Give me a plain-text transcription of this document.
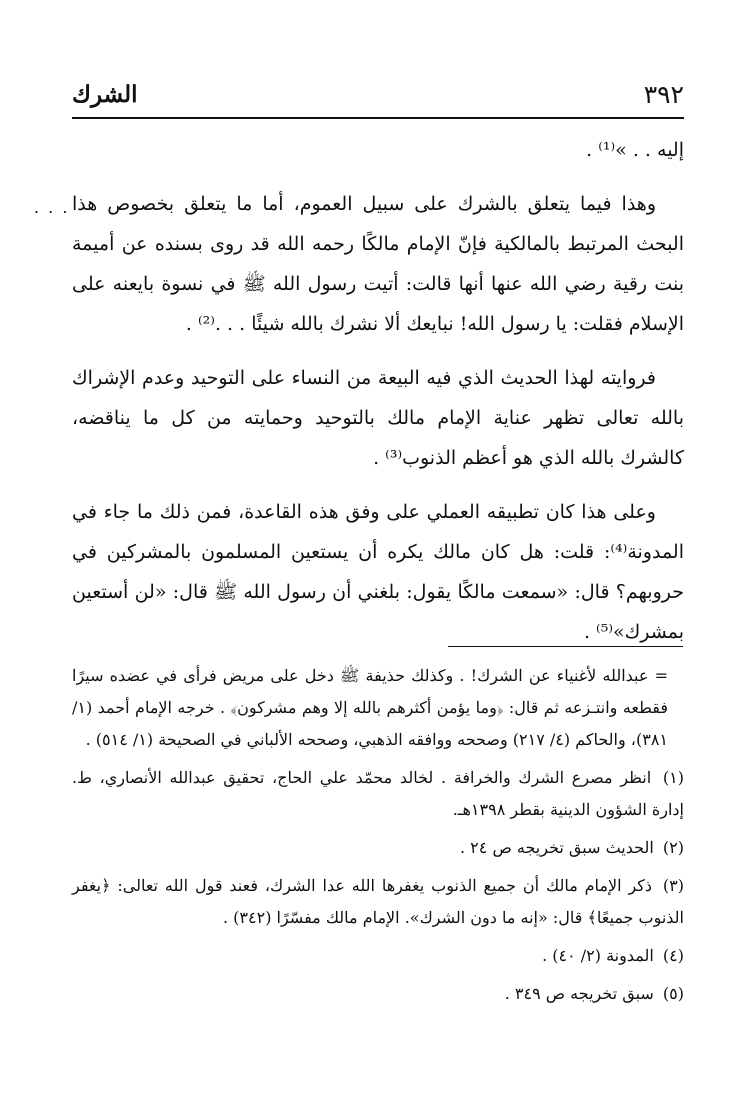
٣٩٢
الشرك
. . .

إليه . . »⁽¹⁾ .

وهذا فيما يتعلق بالشرك على سبيل العموم، أما ما يتعلق بخصوص هذا البحث المرتبط بالمالكية فإنّ الإمام مالكًا رحمه الله قد روى بسنده عن أميمة بنت رقية رضي الله عنها أنها قالت: أتيت رسول الله ﷺ في نسوة بايعنه على الإسلام فقلت: يا رسول الله! نبايعك ألا نشرك بالله شيئًا . . .⁽²⁾ .

فروايته لهذا الحديث الذي فيه البيعة من النساء على التوحيد وعدم الإشراك بالله تعالى تظهر عناية الإمام مالك بالتوحيد وحمايته من كل ما يناقضه، كالشرك بالله الذي هو أعظم الذنوب⁽³⁾ .

وعلى هذا كان تطبيقه العملي على وفق هذه القاعدة، فمن ذلك ما جاء في المدونة⁽⁴⁾: قلت: هل كان مالك يكره أن يستعين المسلمون بالمشركين في حروبهم؟ قال: «سمعت مالكًا يقول: بلغني أن رسول الله ﷺ قال: «لن أستعين بمشرك»⁽⁵⁾ .

= عبدالله لأغنياء عن الشرك! . وكذلك حذيفة ﷺ دخل على مريض فرأى في عضده سيرًا فقطعه وانتـزعه ثم قال: ﴿وما يؤمن أكثرهم بالله إلا وهم مشركون﴾ . خرجه الإمام أحمد (١/ ٣٨١)، والحاكم (٤/ ٢١٧) وصححه ووافقه الذهبي، وصححه الألباني في الصحيحة (١/ ٥١٤) .

(١) انظر مصرع الشرك والخرافة . لخالد محمّد علي الحاج، تحقيق عبدالله الأنصاري، ط. إدارة الشؤون الدينية بقطر ١٣٩٨هـ.

(٢) الحديث سبق تخريجه ص ٢٤ .

(٣) ذكر الإمام مالك أن جميع الذنوب يغفرها الله عدا الشرك، فعند قول الله تعالى: ﴿يغفر الذنوب جميعًا﴾ قال: «إنه ما دون الشرك». الإمام مالك مفسّرًا (٣٤٢) .

(٤) المدونة (٢/ ٤٠) .

(٥) سبق تخريجه ص ٣٤٩ .
